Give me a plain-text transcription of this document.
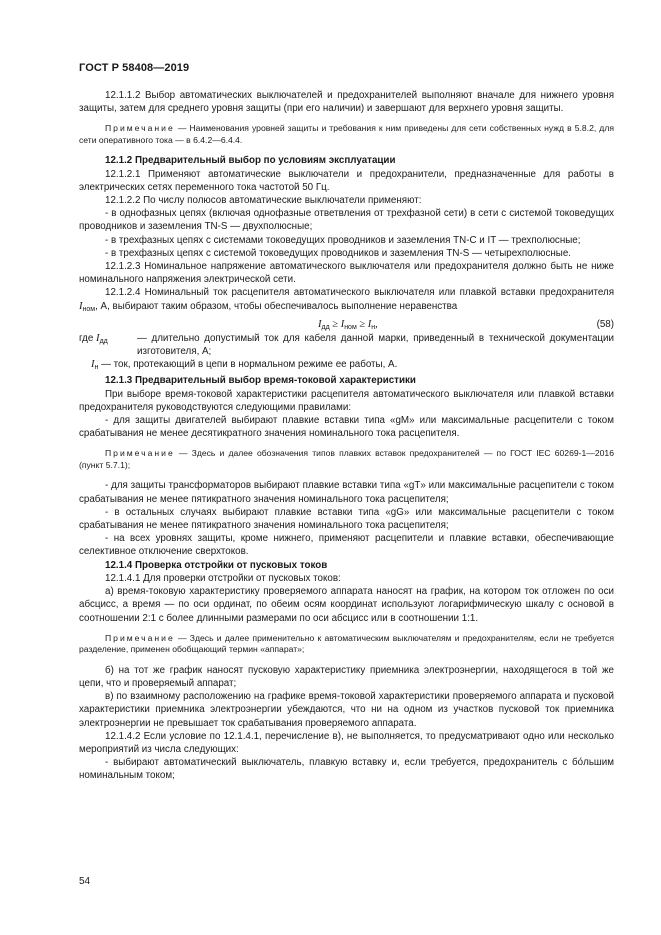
ГОСТ Р 58408—2019

12.1.1.2 Выбор автоматических выключателей и предохранителей выполняют вначале для нижнего уровня защиты, затем для среднего уровня защиты (при его наличии) и завершают для верхнего уровня защиты.

Примечание — Наименования уровней защиты и требования к ним приведены для сети собственных нужд в 5.8.2, для сети оперативного тока — в 6.4.2—6.4.4.

12.1.2 Предварительный выбор по условиям эксплуатации

12.1.2.1 Применяют автоматические выключатели и предохранители, предназначенные для работы в электрических сетях переменного тока частотой 50 Гц.

12.1.2.2 По числу полюсов автоматические выключатели применяют:

- в однофазных цепях (включая однофазные ответвления от трехфазной сети) в сети с системой токоведущих проводников и заземления TN-S — двухполюсные;

- в трехфазных цепях с системами токоведущих проводников и заземления TN-C и IT — трехполюсные;

- в трехфазных цепях с системой токоведущих проводников и заземления TN-S — четырехполюсные.

12.1.2.3 Номинальное напряжение автоматического выключателя или предохранителя должно быть не ниже номинального напряжения электрической сети.

12.1.2.4 Номинальный ток расцепителя автоматического выключателя или плавкой вставки предохранителя $I_{ном}$, А, выбирают таким образом, чтобы обеспечивалось выполнение неравенства

$I_{дд} \ge I_{ном} \ge I_н$,	(58)
где $I_{дд}$	— длительно допустимый ток для кабеля данной марки, приведенный в технической документации изготовителя, А;

$I_н$ — ток, протекающий в цепи в нормальном режиме ее работы, А.

12.1.3 Предварительный выбор время-токовой характеристики

При выборе время-токовой характеристики расцепителя автоматического выключателя или плавкой вставки предохранителя руководствуются следующими правилами:

- для защиты двигателей выбирают плавкие вставки типа «gM» или максимальные расцепители с током срабатывания не менее десятикратного значения номинального тока расцепителя.

Примечание — Здесь и далее обозначения типов плавких вставок предохранителей — по ГОСТ IEC 60269-1—2016 (пункт 5.7.1);

- для защиты трансформаторов выбирают плавкие вставки типа «gT» или максимальные расцепители с током срабатывания не менее пятикратного значения номинального тока расцепителя;

- в остальных случаях выбирают плавкие вставки типа «gG» или максимальные расцепители с током срабатывания не менее пятикратного значения номинального тока расцепителя;

- на всех уровнях защиты, кроме нижнего, применяют расцепители и плавкие вставки, обеспечивающие селективное отключение сверхтоков.

12.1.4 Проверка отстройки от пусковых токов

12.1.4.1 Для проверки отстройки от пусковых токов:

а) время-токовую характеристику проверяемого аппарата наносят на график, на котором ток отложен по оси абсцисс, а время — по оси ординат, по обеим осям координат используют логарифмическую шкалу с основой в соотношении 2:1 с более длинными размерами по оси абсцисс или в соотношении 1:1.

Примечание — Здесь и далее применительно к автоматическим выключателям и предохранителям, если не требуется разделение, применен обобщающий термин «аппарат»;

б) на тот же график наносят пусковую характеристику приемника электроэнергии, находящегося в той же цепи, что и проверяемый аппарат;

в) по взаимному расположению на графике время-токовой характеристики проверяемого аппарата и пусковой характеристики приемника электроэнергии убеждаются, что ни на одном из участков пусковой ток приемника электроэнергии не превышает ток срабатывания проверяемого аппарата.

12.1.4.2 Если условие по 12.1.4.1, перечисление в), не выполняется, то предусматривают одно или несколько мероприятий из числа следующих:

- выбирают автоматический выключатель, плавкую вставку и, если требуется, предохранитель с бо́льшим номинальным током;

54
